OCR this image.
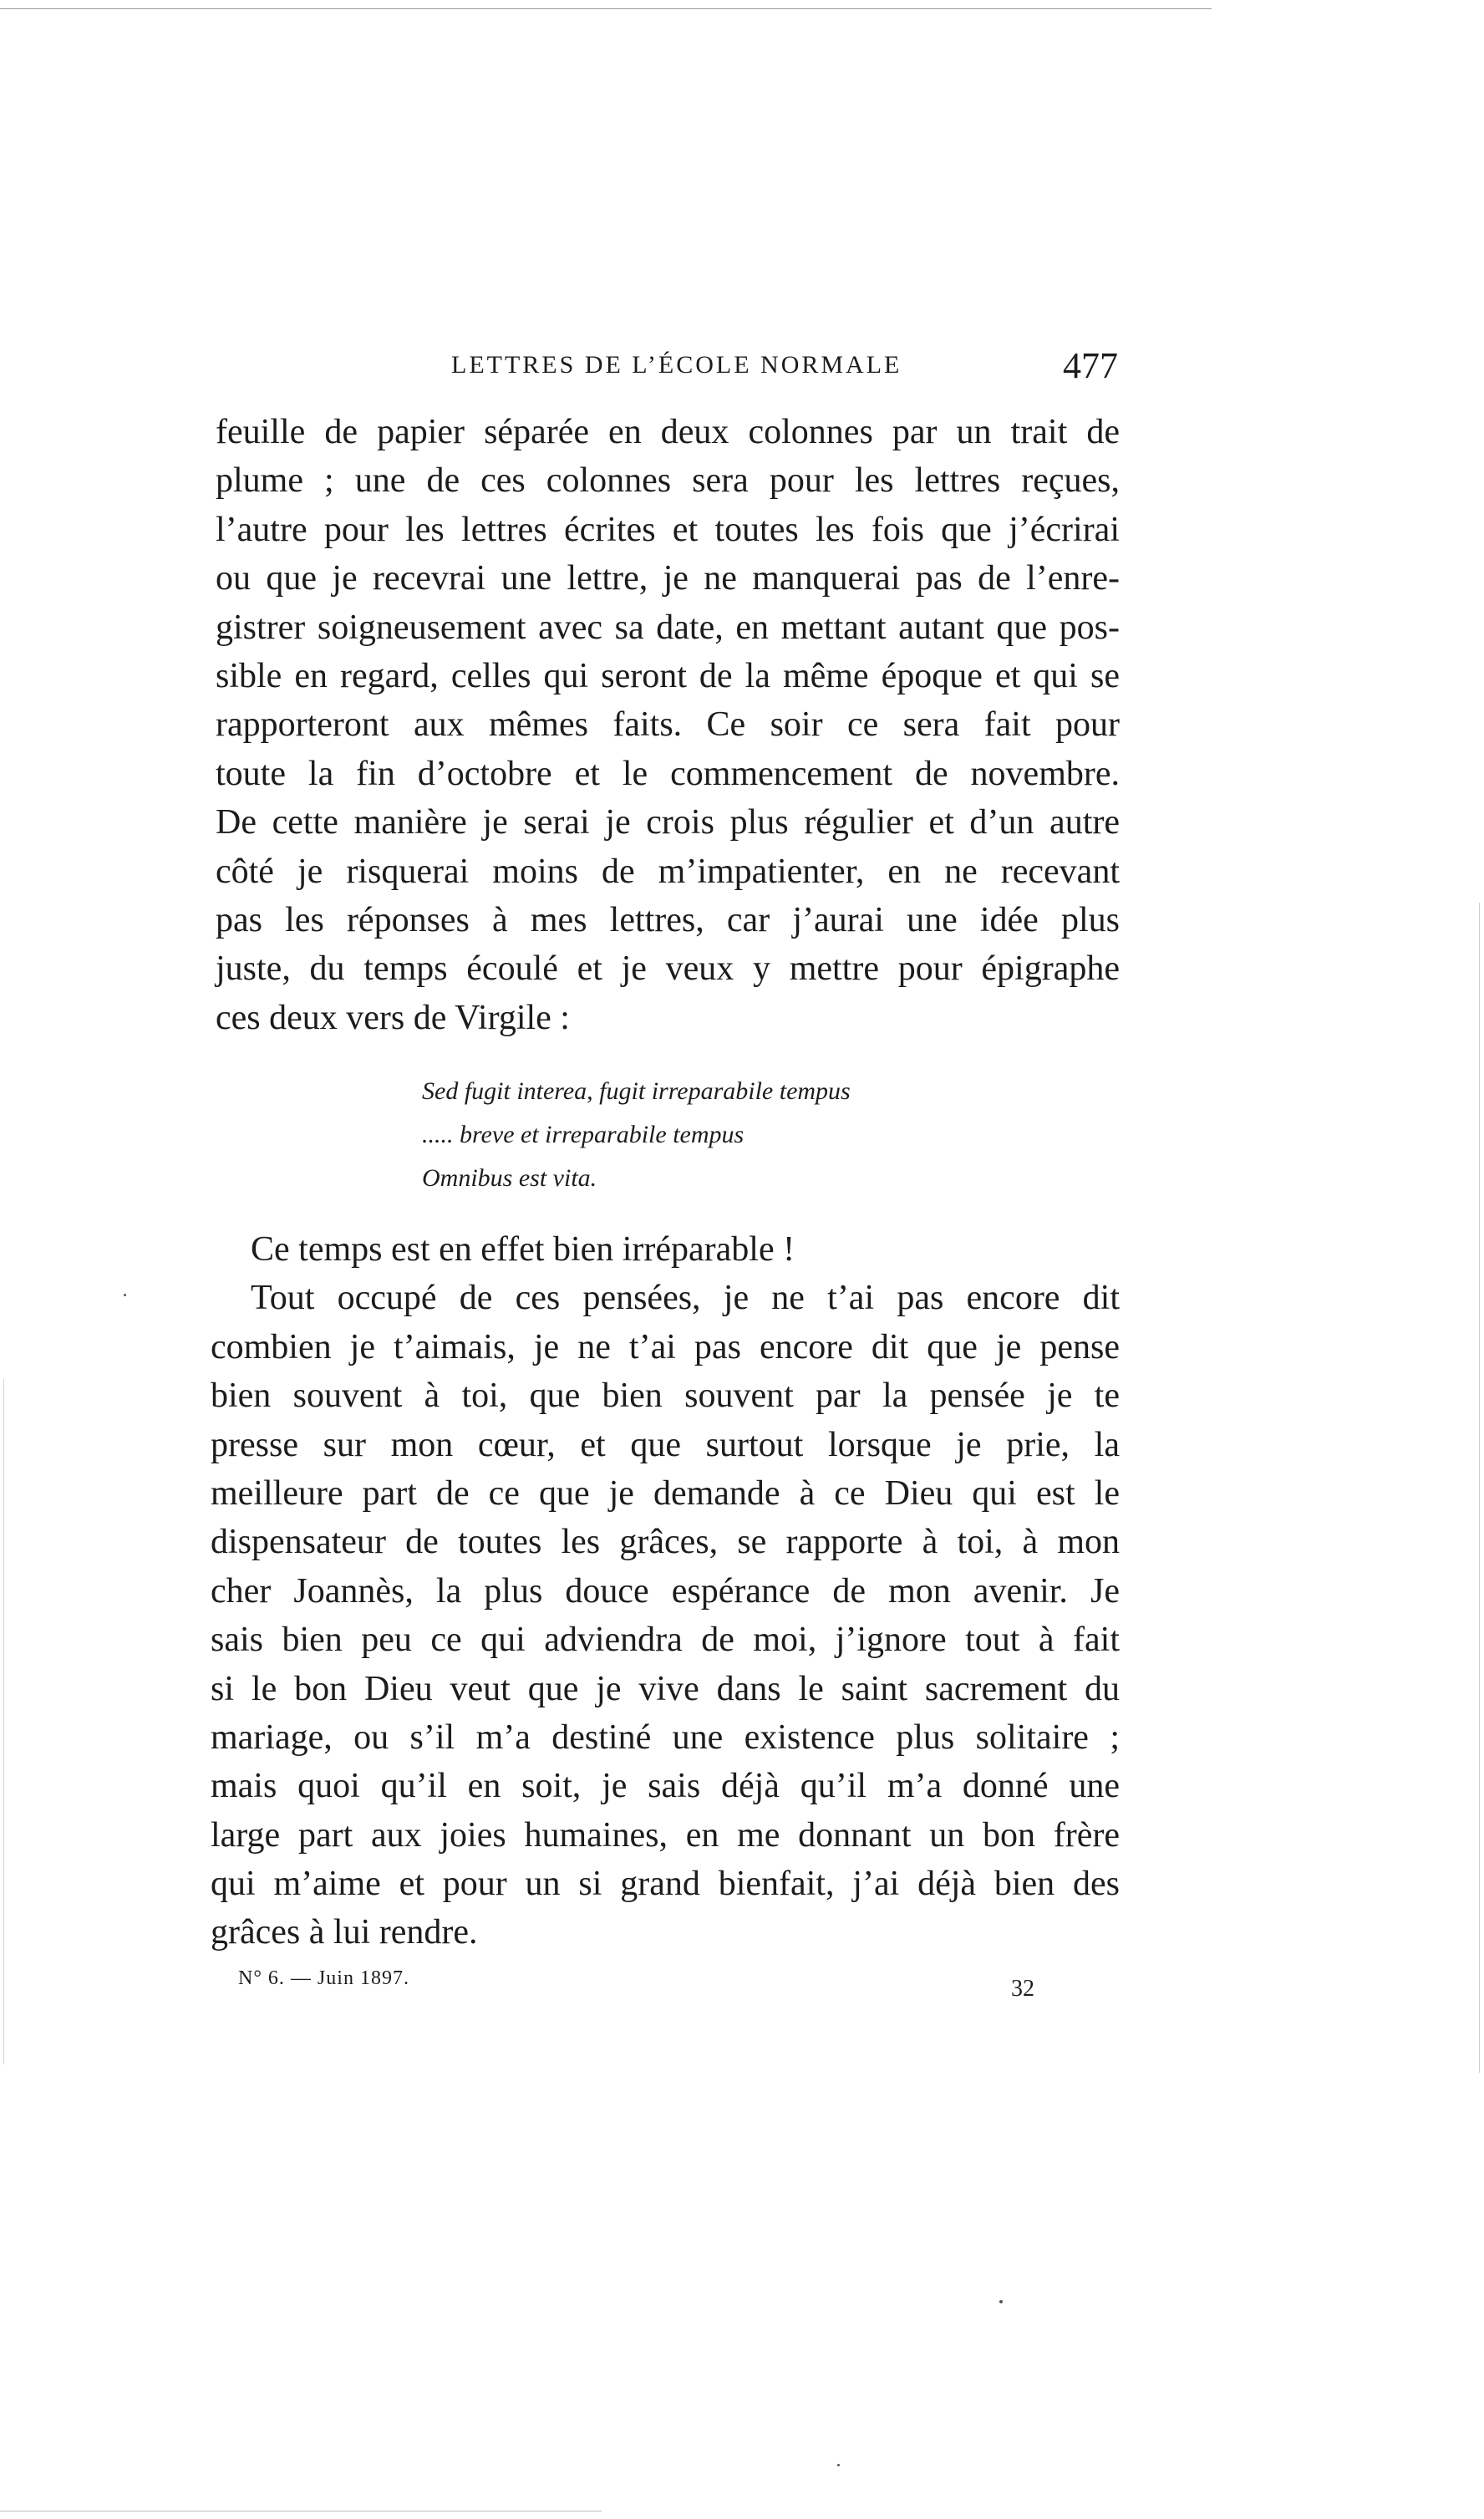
LETTRES DE L’ÉCOLE NORMALE	477
feuille de papier séparée en deux colonnes par un trait de
plume ; une de ces colonnes sera pour les lettres reçues,
l’autre pour les lettres écrites et toutes les fois que j’écrirai
ou que je recevrai une lettre, je ne manquerai pas de l’enre-
gistrer soigneusement avec sa date, en mettant autant que pos-
sible en regard, celles qui seront de la même époque et qui se
rapporteront aux mêmes faits. Ce soir ce sera fait pour
toute la fin d’octobre et le commencement de novembre.
De cette manière je serai je crois plus régulier et d’un autre
côté je risquerai moins de m’impatienter, en ne recevant
pas les réponses à mes lettres, car j’aurai une idée plus
juste, du temps écoulé et je veux y mettre pour épigraphe
ces deux vers de Virgile :
Sed fugit interea, fugit irreparabile tempus
..... breve et irreparabile tempus
Omnibus est vita.
Ce temps est en effet bien irréparable !
Tout occupé de ces pensées, je ne t’ai pas encore dit
combien je t’aimais, je ne t’ai pas encore dit que je pense
bien souvent à toi, que bien souvent par la pensée je te
presse sur mon cœur, et que surtout lorsque je prie, la
meilleure part de ce que je demande à ce Dieu qui est le
dispensateur de toutes les grâces, se rapporte à toi, à mon
cher Joannès, la plus douce espérance de mon avenir. Je
sais bien peu ce qui adviendra de moi, j’ignore tout à fait
si le bon Dieu veut que je vive dans le saint sacrement du
mariage, ou s’il m’a destiné une existence plus solitaire ;
mais quoi qu’il en soit, je sais déjà qu’il m’a donné une
large part aux joies humaines, en me donnant un bon frère
qui m’aime et pour un si grand bienfait, j’ai déjà bien des
grâces à lui rendre.
N° 6. — Juin 1897.	32
